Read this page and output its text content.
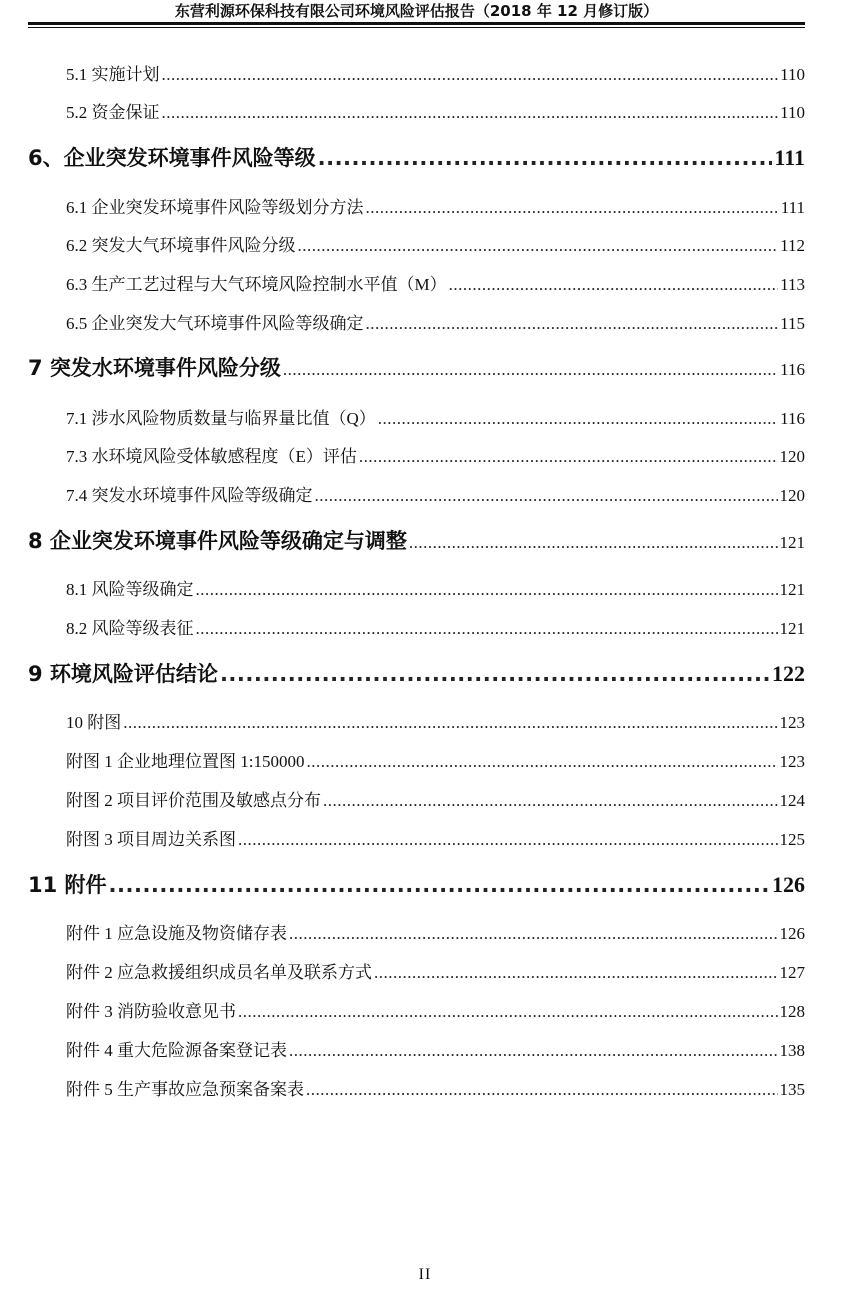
东营利源环保科技有限公司环境风险评估报告（2018 年 12 月修订版）
5.1 实施计划 .....	110
5.2 资金保证 .....	110
6、企业突发环境事件风险等级 .....	111
6.1 企业突发环境事件风险等级划分方法 .....	111
6.2 突发大气环境事件风险分级 .....	112
6.3 生产工艺过程与大气环境风险控制水平值（M） .....	113
6.5 企业突发大气环境事件风险等级确定 .....	115
7 突发水环境事件风险分级 .....	116
7.1 涉水风险物质数量与临界量比值（Q） .....	116
7.3 水环境风险受体敏感程度（E）评估 .....	120
7.4 突发水环境事件风险等级确定 .....	120
8 企业突发环境事件风险等级确定与调整 .....	121
8.1 风险等级确定 .....	121
8.2 风险等级表征 .....	121
9 环境风险评估结论 .....	122
10 附图 .....	123
附图 1 企业地理位置图 1:150000 .....	123
附图 2 项目评价范围及敏感点分布 .....	124
附图 3 项目周边关系图 .....	125
11 附件 .....	126
附件 1 应急设施及物资储存表 .....	126
附件 2 应急救援组织成员名单及联系方式 .....	127
附件 3 消防验收意见书 .....	128
附件 4 重大危险源备案登记表 .....	138
附件 5 生产事故应急预案备案表 .....	135
II
